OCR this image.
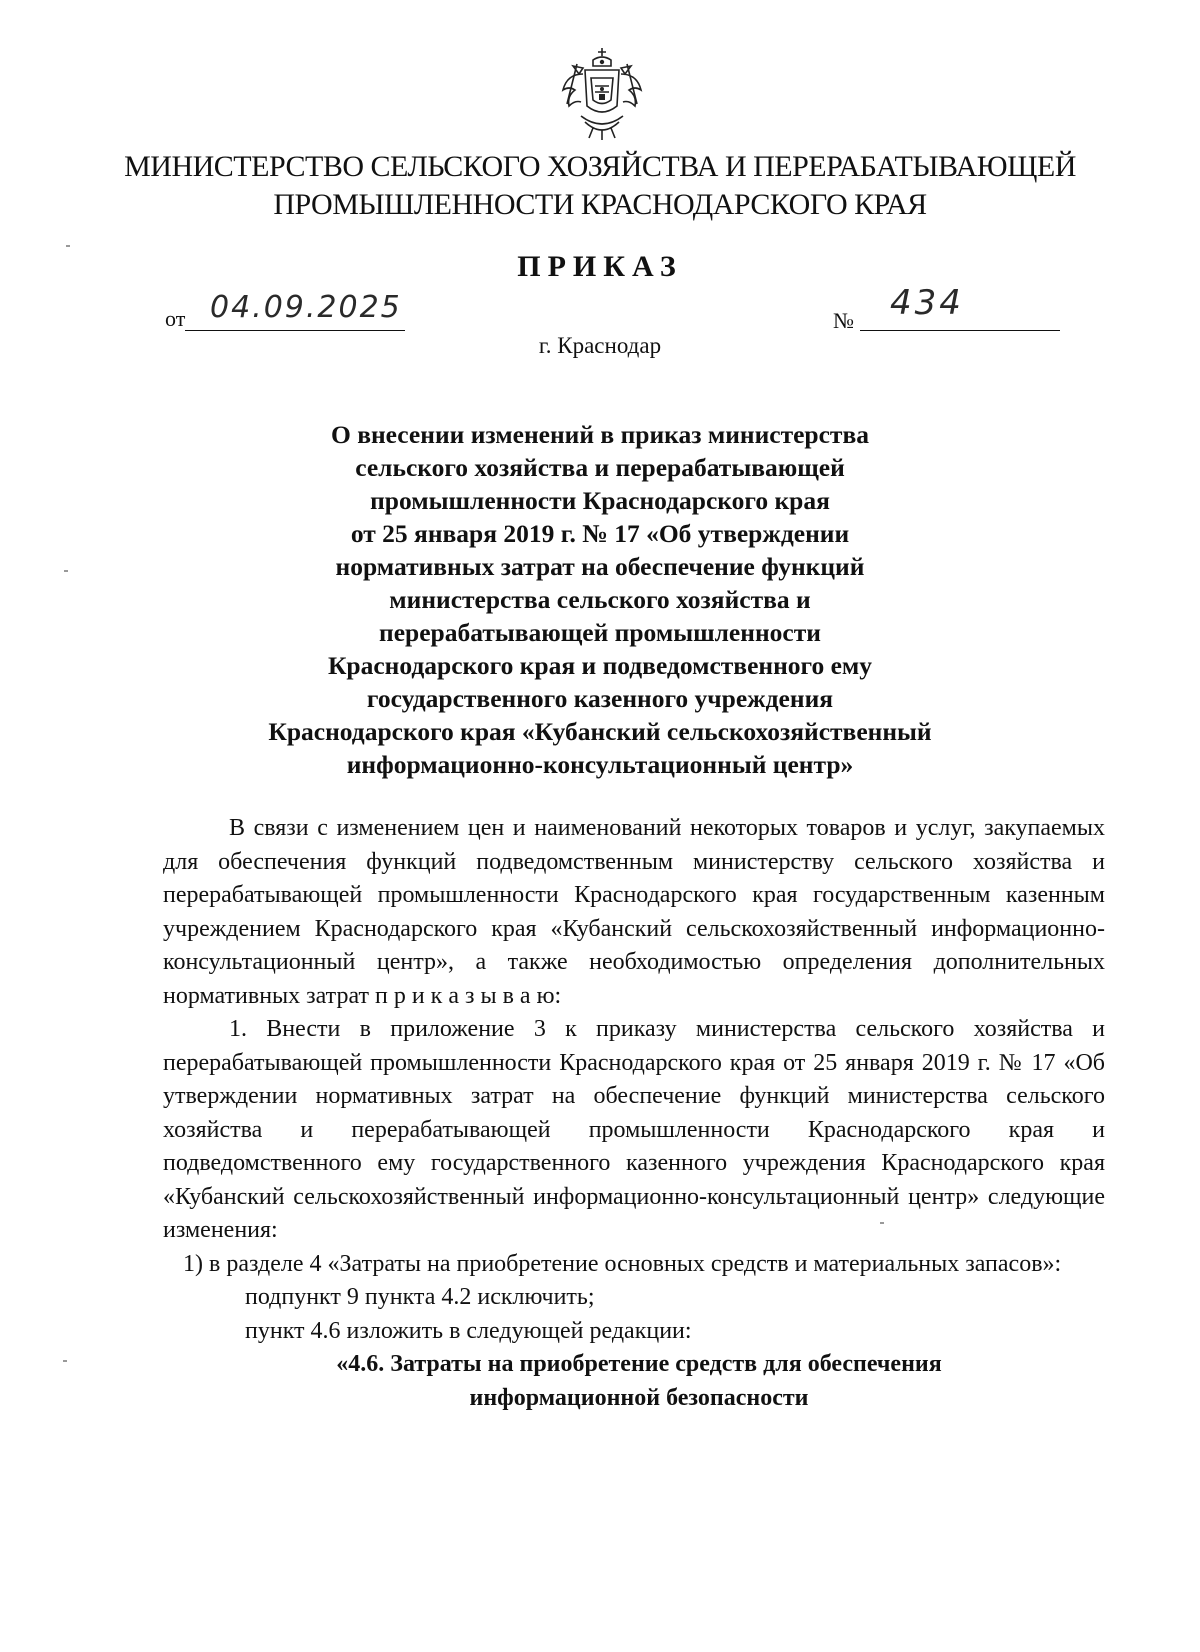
МИНИСТЕРСТВО СЕЛЬСКОГО ХОЗЯЙСТВА И ПЕРЕРАБАТЫВАЮЩЕЙ
ПРОМЫШЛЕННОСТИ КРАСНОДАРСКОГО КРАЯ
ПРИКАЗ
от 04.09.2025	№ 434
г. Краснодар
О внесении изменений в приказ министерства
сельского хозяйства и перерабатывающей
промышленности Краснодарского края
от 25 января 2019 г. № 17 «Об утверждении
нормативных затрат на обеспечение функций
министерства сельского хозяйства и
перерабатывающей промышленности
Краснодарского края и подведомственного ему
государственного казенного учреждения
Краснодарского края «Кубанский сельскохозяйственный
информационно-консультационный центр»

В связи с изменением цен и наименований некоторых товаров и услуг, закупаемых для обеспечения функций подведомственным министерству сельского хозяйства и перерабатывающей промышленности Краснодарского края государственным казенным учреждением Краснодарского края «Кубанский сельскохозяйственный информационно-консультационный центр», а также необходимостью определения дополнительных нормативных затрат п р и к а з ы в а ю:

1. Внести в приложение 3 к приказу министерства сельского хозяйства и перерабатывающей промышленности Краснодарского края от 25 января 2019 г. № 17 «Об утверждении нормативных затрат на обеспечение функций министерства сельского хозяйства и перерабатывающей промышленности Краснодарского края и подведомственного ему государственного казенного учреждения Краснодарского края «Кубанский сельскохозяйственный информационно-консультационный центр» следующие изменения:

1) в разделе 4 «Затраты на приобретение основных средств и материальных запасов»:

подпункт 9 пункта 4.2 исключить;

пункт 4.6 изложить в следующей редакции:

«4.6. Затраты на приобретение средств для обеспечения

информационной безопасности
